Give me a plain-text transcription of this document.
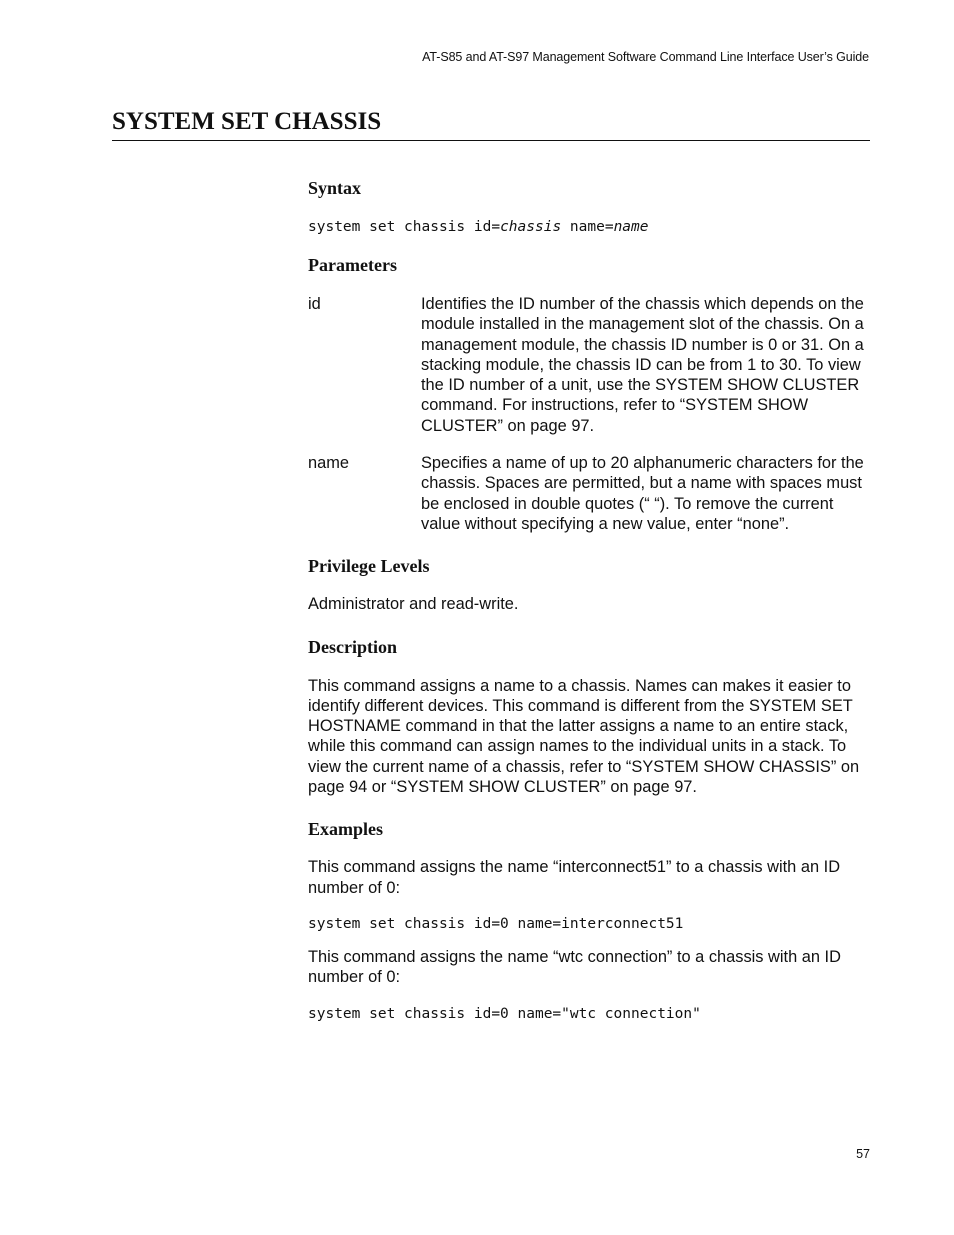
AT-S85 and AT-S97 Management Software Command Line Interface User’s Guide
SYSTEM SET CHASSIS
Syntax
system set chassis id=chassis name=name
Parameters
id	Identifies the ID number of the chassis which depends on the module installed in the management slot of the chassis. On a management module, the chassis ID number is 0 or 31. On a stacking module, the chassis ID can be from 1 to 30. To view the ID number of a unit, use the SYSTEM SHOW CLUSTER command. For instructions, refer to “SYSTEM SHOW CLUSTER” on page 97.
name	Specifies a name of up to 20 alphanumeric characters for the chassis. Spaces are permitted, but a name with spaces must be enclosed in double quotes (“ “). To remove the current value without specifying a new value, enter “none”.
Privilege Levels

Administrator and read-write.

Description

This command assigns a name to a chassis. Names can makes it easier to identify different devices. This command is different from the SYSTEM SET HOSTNAME command in that the latter assigns a name to an entire stack, while this command can assign names to the individual units in a stack. To view the current name of a chassis, refer to “SYSTEM SHOW CHASSIS” on page 94 or “SYSTEM SHOW CLUSTER” on page 97.

Examples

This command assigns the name “interconnect51” to a chassis with an ID number of 0:

system set chassis id=0 name=interconnect51

This command assigns the name “wtc connection” to a chassis with an ID number of 0:

system set chassis id=0 name="wtc connection"
57
